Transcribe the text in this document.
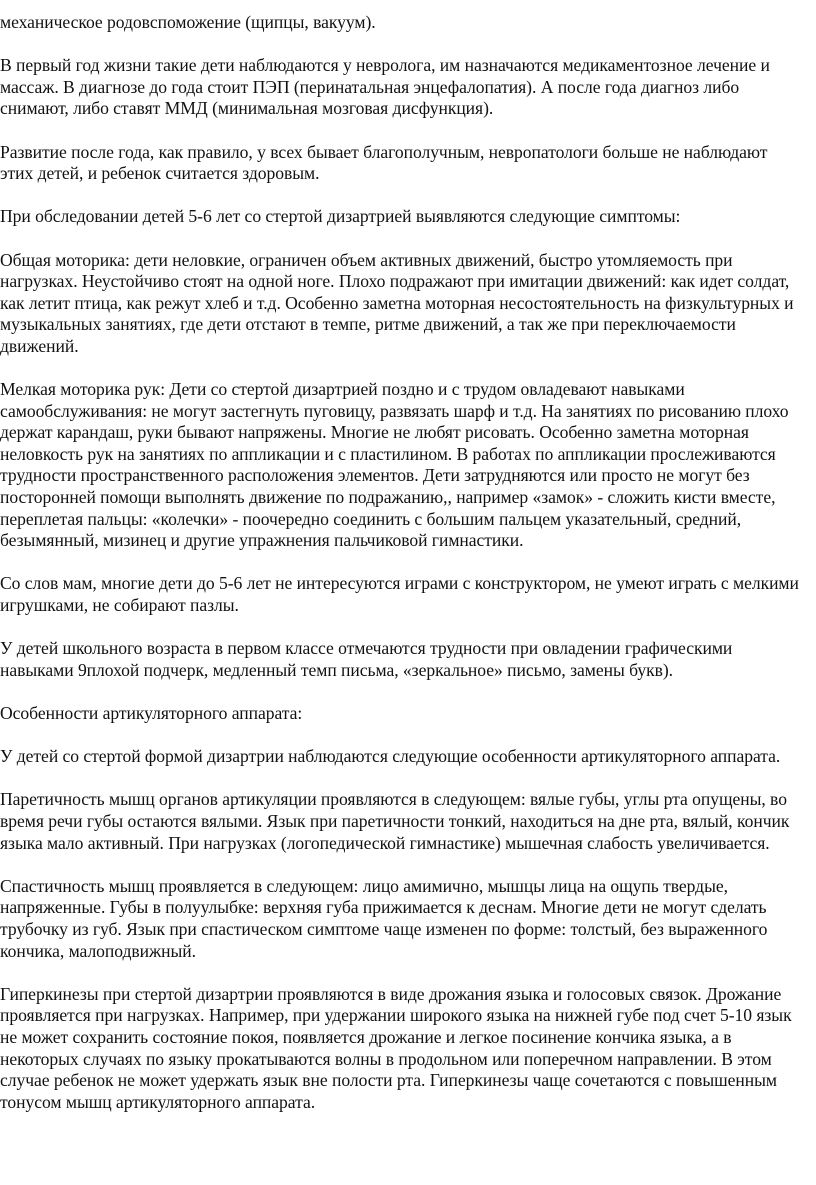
механическое родовспоможение (щипцы, вакуум).

В первый год жизни такие дети наблюдаются у невролога, им назначаются медикаментозное лечение и массаж. В диагнозе до года стоит ПЭП (перинатальная энцефалопатия). А после года диагноз либо снимают, либо ставят ММД (минимальная мозговая дисфункция).

Развитие после года, как правило, у всех бывает благополучным, невропатологи больше не наблюдают этих детей, и ребенок считается здоровым.

При обследовании детей 5-6 лет со стертой дизартрией выявляются следующие симптомы:

Общая моторика: дети неловкие, ограничен объем активных движений, быстро утомляемость при нагрузках. Неустойчиво стоят на одной ноге. Плохо подражают при имитации движений: как идет солдат, как летит птица, как режут хлеб и т.д. Особенно заметна моторная несостоятельность на физкультурных и музыкальных занятиях, где дети отстают в темпе, ритме движений, а так же при переключаемости движений.

Мелкая моторика рук: Дети со стертой дизартрией поздно и с трудом овладевают навыками самообслуживания: не могут застегнуть пуговицу, развязать шарф и т.д. На занятиях по рисованию плохо держат карандаш, руки бывают напряжены. Многие не любят рисовать. Особенно заметна моторная неловкость рук на занятиях по аппликации и с пластилином. В работах по аппликации прослеживаются трудности пространственного расположения элементов. Дети затрудняются или просто не могут без посторонней помощи выполнять движение по подражанию,, например «замок» - сложить кисти вместе, переплетая пальцы: «колечки» - поочередно соединить с большим пальцем указательный, средний, безымянный, мизинец и другие упражнения пальчиковой гимнастики.

Со слов мам, многие дети до 5-6 лет не интересуются играми с конструктором, не умеют играть с мелкими игрушками, не собирают пазлы.

У детей школьного возраста в первом классе отмечаются трудности при овладении графическими навыками 9плохой подчерк, медленный темп письма, «зеркальное» письмо, замены букв).

Особенности артикуляторного аппарата:

У детей со стертой формой дизартрии наблюдаются следующие особенности артикуляторного аппарата.

Паретичность мышц органов артикуляции проявляются в следующем: вялые губы, углы рта опущены, во время речи губы остаются вялыми. Язык при паретичности тонкий, находиться на дне рта, вялый, кончик языка мало активный. При нагрузках (логопедической гимнастике) мышечная слабость увеличивается.

Спастичность мышц проявляется в следующем: лицо амимично, мышцы лица на ощупь твердые, напряженные. Губы в полуулыбке: верхняя губа прижимается к деснам. Многие дети не могут сделать трубочку из губ. Язык при спастическом симптоме чаще изменен по форме: толстый, без выраженного кончика, малоподвижный.

Гиперкинезы при стертой дизартрии проявляются в виде дрожания языка и голосовых связок. Дрожание проявляется при нагрузках. Например, при удержании широкого языка на нижней губе под счет 5-10 язык не может сохранить состояние покоя, появляется дрожание и легкое посинение кончика языка, а в некоторых случаях по языку прокатываются волны в продольном или поперечном направлении. В этом случае ребенок не может удержать язык вне полости рта. Гиперкинезы чаще сочетаются с повышенным тонусом мышц артикуляторного аппарата.
